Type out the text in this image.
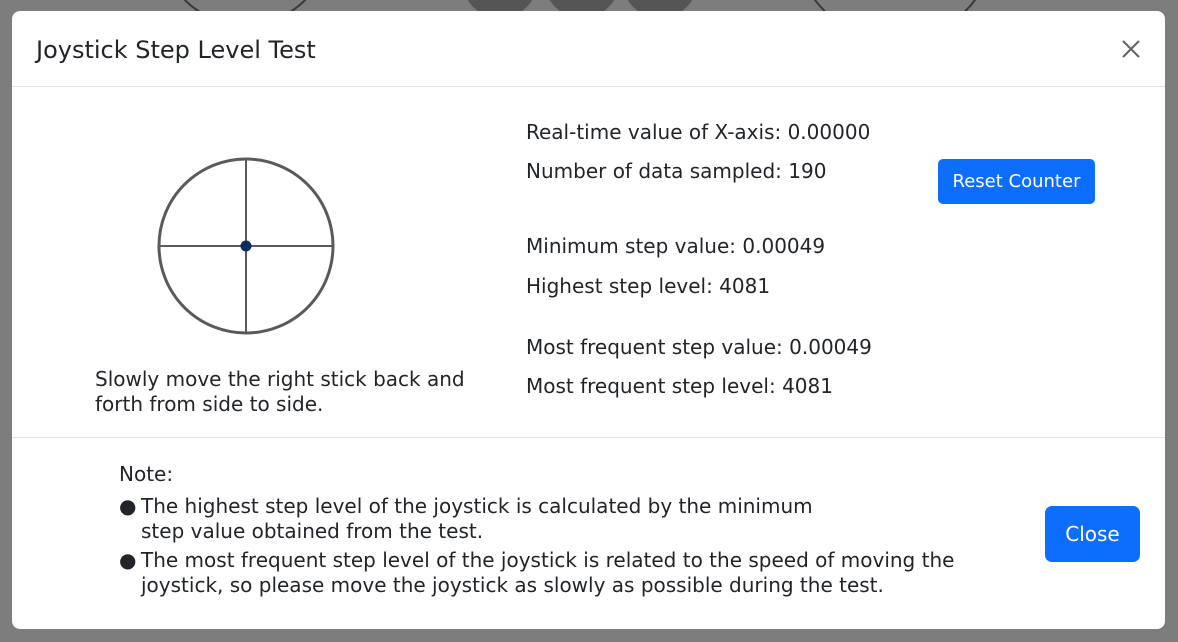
Joystick Step Level Test
Slowly move the right stick back and forth from side to side.
Real-time value of X-axis: 0.00000
Number of data sampled: 190
Minimum step value: 0.00049
Highest step level: 4081
Most frequent step value: 0.00049
Most frequent step level: 4081
Reset Counter
Note:
● The highest step level of the joystick is calculated by the minimum step value obtained from the test.
● The most frequent step level of the joystick is related to the speed of moving the joystick, so please move the joystick as slowly as possible during the test.
Close
